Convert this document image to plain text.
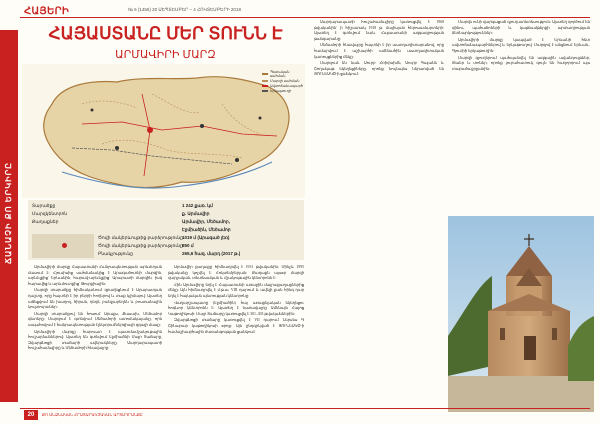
ՀԱՅԵՐԻ	№ 6 (1456) 20 ՍԵՊՏԵՄԲԵՐ – 4 ՀՈԿՏԵՄԲԵՐԻ 2018
ՃԱՆԱՉԻ ՔՈ ԵՐԿԻՐԸ
ՀԱՅԱՍՏԱՆԸ ՄԵՐ ՏՈՒՆՆ Է
ԱՐՄԱՎԻՐԻ ՄԱՐԶ
Պետական սահման
Մարզի սահման
Ավտոճանապարհ
Երկաթուղի
Տարածքը	1 242 քառ. կմ
Մարզկենտրոն	ք. Արմավիր
Քաղաքներ	Արմավիր, Մեծամոր,
Էջմիածին, Մեծամոր
Ծովի մակերևույթից բարձրությունը 1019 մ (Արագած լեռ)
Ծովի մակերևույթից բարձրությունը 850 մ
Բնակչությունը	265,6 հազ. մարդ (2017 թ.)

Արմավիրի մարզը Հայաստանի Հանրապետության արևմտյան մասում է: Հյուսիսից սահմանակից է Արագածոտնի մարզին, արևելքից՝ Երևանին, հարավ-արևելքից՝ Արարատի մարզին, իսկ հարավից և արևմուտքից՝ Թուրքիային:

Մարզի տարածքը հիմնականում զբաղեցնում է Արարատյան դաշտը, որը հայտնի է իր բերրի հողերով և տաք կլիմայով: Այստեղ աճեցվում են խաղող, ծիրան, դեղձ, բանջարեղեն և բոստանային կուլտուրաներ:

Մարզի տարածքով են հոսում Արաքս, Քասախ, Մեծամոր գետերը: Մարզում է գտնվում Մեծամորի ատոմակայանը, որն ապահովում է հանրապետության էլեկտրաէներգիայի զգալի մասը:

Արմավիրի մարզը հարուստ է պատմամշակութային հուշարձաններով: Այստեղ են գտնվում Էջմիածնի Մայր Տաճարը, Զվարթնոցի տաճարի ավերակները, Սարդարապատի հուշահամալիրը և Մեծամորի հնավայրը:

Արմավիր քաղաքը հիմնադրվել է 1931 թվականին: Մինչև 1995 թվականը կոչվել է Հոկտեմբերյան: Քաղաքն այսօր մարզի վարչական, տնտեսական և մշակութային կենտրոնն է:

Հին Արմավիրը եղել է Հայաստանի առաջին մայրաքաղաքներից մեկը: Այն հիմնադրվել է մ.թ.ա. VIII դարում և ավելի քան հինգ դար եղել է հայկական պետության կենտրոնը:

Վաղարշապատը (Էջմիածին) հայ առաքելական եկեղեցու հոգևոր կենտրոնն է: Այստեղ է նստավայրը Ամենայն Հայոց Կաթողիկոսի: Մայր Տաճարը կառուցվել է 301–303 թվականներին:

Զվարթնոցի տաճարը կառուցվել է VII դարում Ներսես Գ Շինարար կաթողիկոսի օրոք: Այն ընդգրկված է ՅՈՒՆԵՍԿՕ-ի համաշխարհային ժառանգության ցանկում:

Սարդարապատի հուշահամալիրը կառուցվել է 1968 թվականին՝ ի հիշատակ 1918 թ. մայիսյան հերոսամարտերի: Այստեղ է գտնվում նաև Հայաստանի ազգագրության թանգարանը:

Մեծամորի հնավայրը հայտնի է իր աստղադիտարանով, որը համարվում է աշխարհի ամենահին աստղագիտական կառույցներից մեկը:

Մարզում են նաև Սուրբ Հռիփսիմե, Սուրբ Գայանե և Շողակաթ եկեղեցիները, որոնք նույնպես ներառված են ՅՈՒՆԵՍԿՕ-ի ցանկում:

Մարզն ունի զարգացած գյուղատնտեսություն: Այստեղ գործում են գինու, պահածոների և կաթնամթերքի արտադրության ձեռնարկություններ:

Արմավիրի մարզը կապված է Երևանի հետ ավտոճանապարհներով և երկաթուղով: Մարզով է անցնում Երևան–Գյումրի երկաթուղին:

Մարզի գյուղերում պահպանվել են ազգային ավանդույթներ, ծեսեր և տոներ, որոնք յուրահատուկ գույն են հաղորդում այս տարածաշրջանին:

20	ՔՈ ԱՆՁՆԱԿԱՆ ՀՐԱՏԱՐԱԿՉԱԿԱՆ ԱՐՏԱԴՐԱՆՔԸ
